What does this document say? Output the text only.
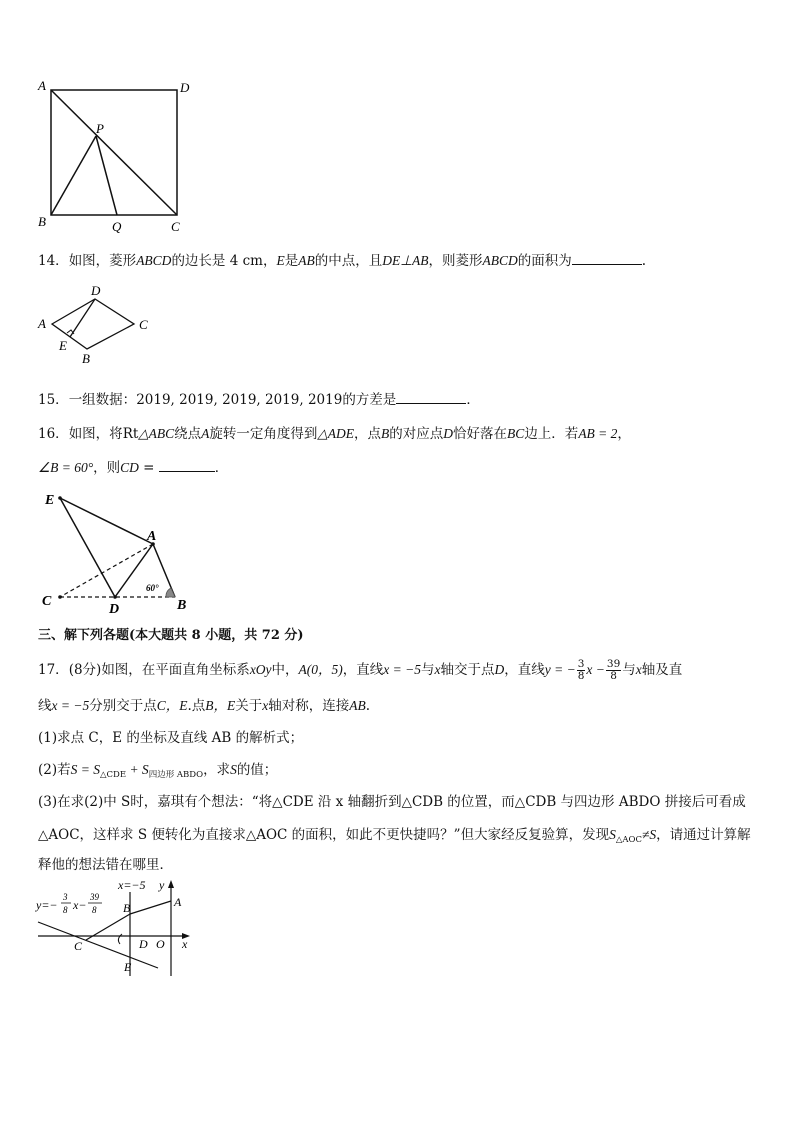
A	D
P
B	Q	C
14．如图，菱形ABCD的边长是 4 cm，E是AB的中点，且DE⊥AB，则菱形ABCD的面积为	.
D
A	C
E
B
15．一组数据：2019, 2019, 2019, 2019, 2019的方差是	．
16．如图，将Rt△ABC绕点A旋转一定角度得到△ADE，点B的对应点D恰好落在BC边上．若AB = 2，
∠B = 60°，则CD =	．
E
A
C
D	B
60°
三、解下列各题(本大题共 8 小题，共 72 分)
17．(8分)如图，在平面直角坐标系xOy中，A(0，5)，直线x = −5与x轴交于点D，直线y = − $\frac{3}{8}$ $x - \frac{39}{8}$ 与x轴及直
线x = −5分别交于点C，E.点B，E关于x轴对称，连接AB.
(1)求点 C，E 的坐标及直线 AB 的解析式；
(2)若$S = S_{\triangle CDE} + S_{四边形 ABDO}$，求S的值；
(3)在求(2)中 S时，嘉琪有个想法：“将△CDE 沿 x 轴翻折到△CDB 的位置，而△CDB 与四边形 ABDO 拼接后可看成
△AOC，这样求 S 便转化为直接求△AOC 的面积，如此不更快捷吗？”但大家经反复验算，发现$S_{\triangle AOC}\ne S$，请通过计算解
释他的想法错在哪里．
x=−5 y
y=−
3
8 x−
39
8 B	A
C	D O x
E
